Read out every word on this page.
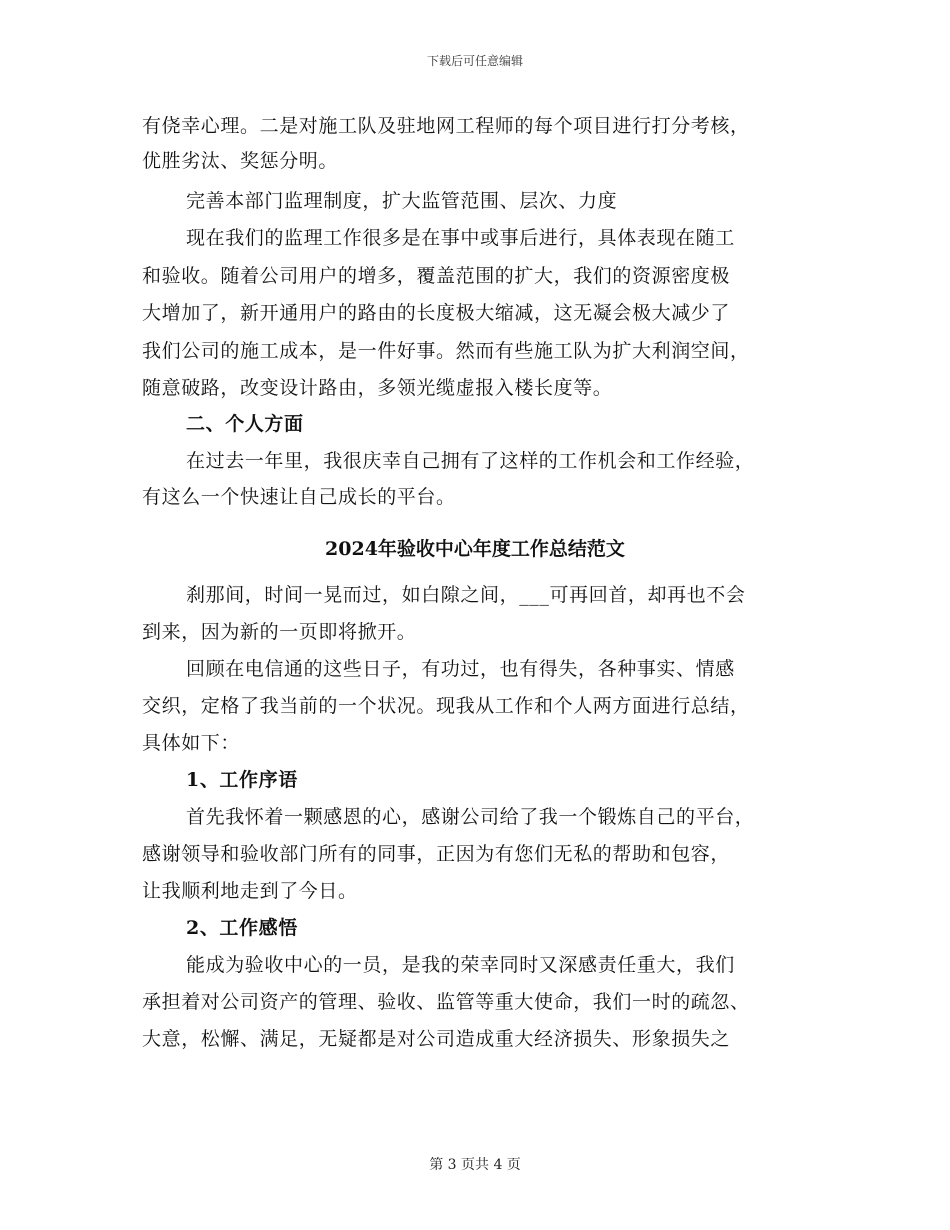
下载后可任意编辑
有侥幸心理。二是对施工队及驻地网工程师的每个项目进行打分考核，
优胜劣汰、奖惩分明。
完善本部门监理制度，扩大监管范围、层次、力度
现在我们的监理工作很多是在事中或事后进行，具体表现在随工
和验收。随着公司用户的增多，覆盖范围的扩大，我们的资源密度极
大增加了，新开通用户的路由的长度极大缩减，这无凝会极大减少了
我们公司的施工成本，是一件好事。然而有些施工队为扩大利润空间，
随意破路，改变设计路由，多领光缆虚报入楼长度等。
二、个人方面
在过去一年里，我很庆幸自己拥有了这样的工作机会和工作经验，
有这么一个快速让自己成长的平台。
2024年验收中心年度工作总结范文
刹那间，时间一晃而过，如白隙之间，___可再回首，却再也不会
到来，因为新的一页即将掀开。
回顾在电信通的这些日子，有功过，也有得失，各种事实、情感
交织，定格了我当前的一个状况。现我从工作和个人两方面进行总结，
具体如下：
1、工作序语
首先我怀着一颗感恩的心，感谢公司给了我一个锻炼自己的平台，
感谢领导和验收部门所有的同事，正因为有您们无私的帮助和包容，
让我顺利地走到了今日。
2、工作感悟
能成为验收中心的一员，是我的荣幸同时又深感责任重大，我们
承担着对公司资产的管理、验收、监管等重大使命，我们一时的疏忽、
大意，松懈、满足，无疑都是对公司造成重大经济损失、形象损失之
第 3 页共 4 页
